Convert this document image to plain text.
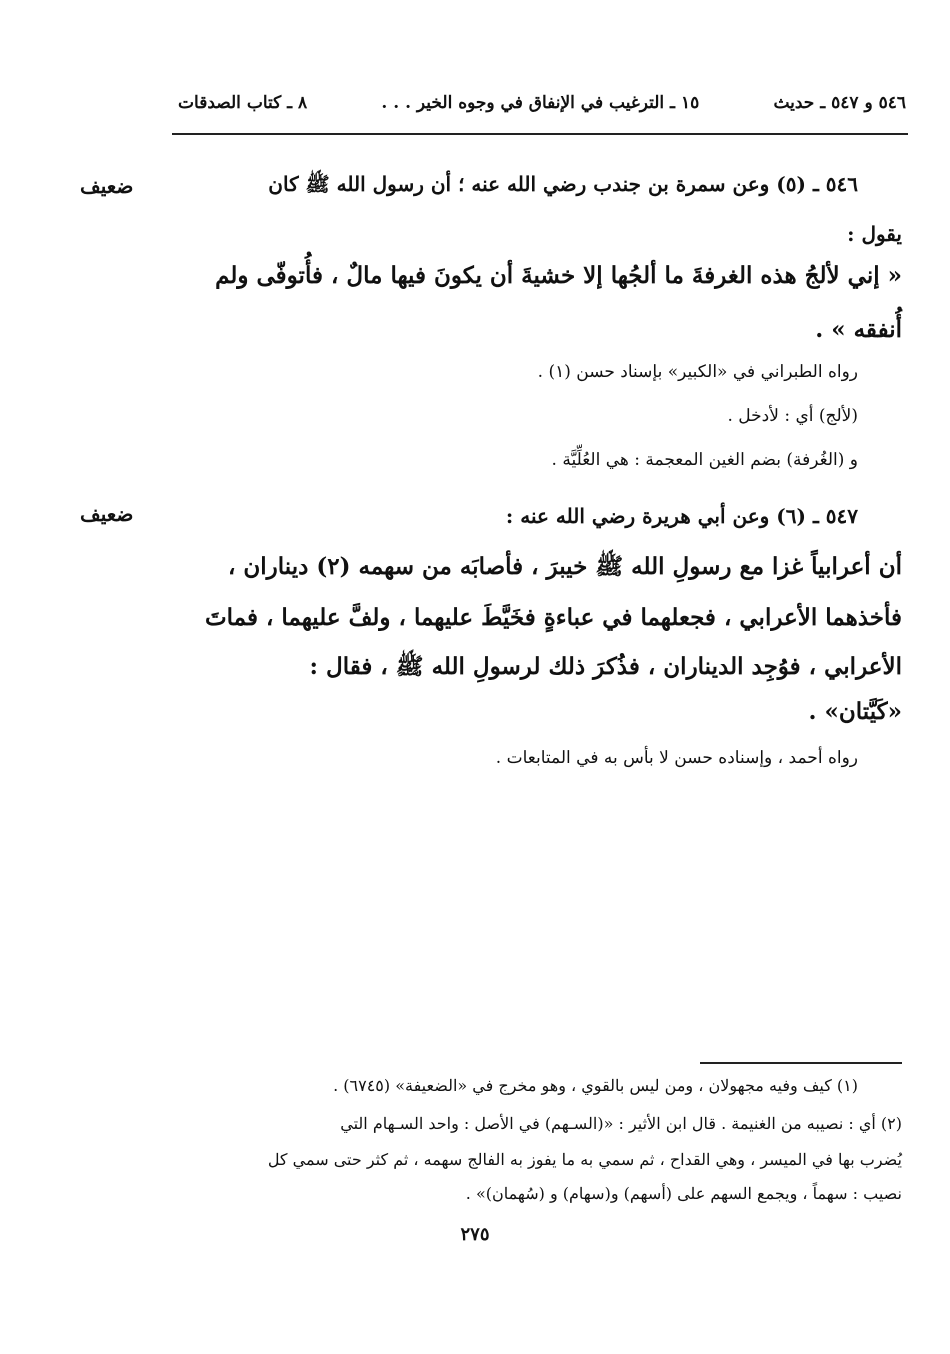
٨ ـ كتاب الصدقات	١٥ ـ الترغيب في الإنفاق في وجوه الخير . . .	٥٤٦ و ٥٤٧ ـ حديث
ضعيف	٥٤٦ ـ (٥) وعن سمرة بن جندب رضي الله عنه ؛ أن رسول الله ﷺ كان
يقول :
« إني لألجُ هذه الغرفةَ ما ألجُها إلا خشيةَ أن يكونَ فيها مالٌ ، فأُتوفّى ولم
أُنفقه » .
رواه الطبراني في «الكبير» بإسناد حسن (١) .
(لألج) أي : لأدخل .
و (الغُرفة) بضم الغين المعجمة : هي العُلِّيَّة .
ضعيف	٥٤٧ ـ (٦) وعن أبي هريرة رضي الله عنه :
أن أعرابياً غزا مع رسولِ الله ﷺ خيبرَ ، فأصابَه من سهمه (٢) ديناران ،
فأخذهما الأعرابي ، فجعلهما في عباءةٍ فخَيَّطَ عليهما ، ولفَّ عليهما ، فماتَ
الأعرابي ، فوُجِد الديناران ، فذُكرَ ذلك لرسولِ الله ﷺ ، فقال :
«كَيَّتان» .
رواه أحمد ، وإسناده حسن لا بأس به في المتابعات .
(١) كيف وفيه مجهولان ، ومن ليس بالقوي ، وهو مخرج في «الضعيفة» (٦٧٤٥) .
(٢) أي : نصيبه من الغنيمة . قال ابن الأثير : «(السـهم) في الأصل : واحد السـهام التي
يُضرب بها في الميسر ، وهي القداح ، ثم سمي به ما يفوز به الفالج سهمه ، ثم كثر حتى سمي كل
نصيب : سهماً ، ويجمع السهم على (أسهم) و(سهام) و (سُهمان)» .
٢٧٥
